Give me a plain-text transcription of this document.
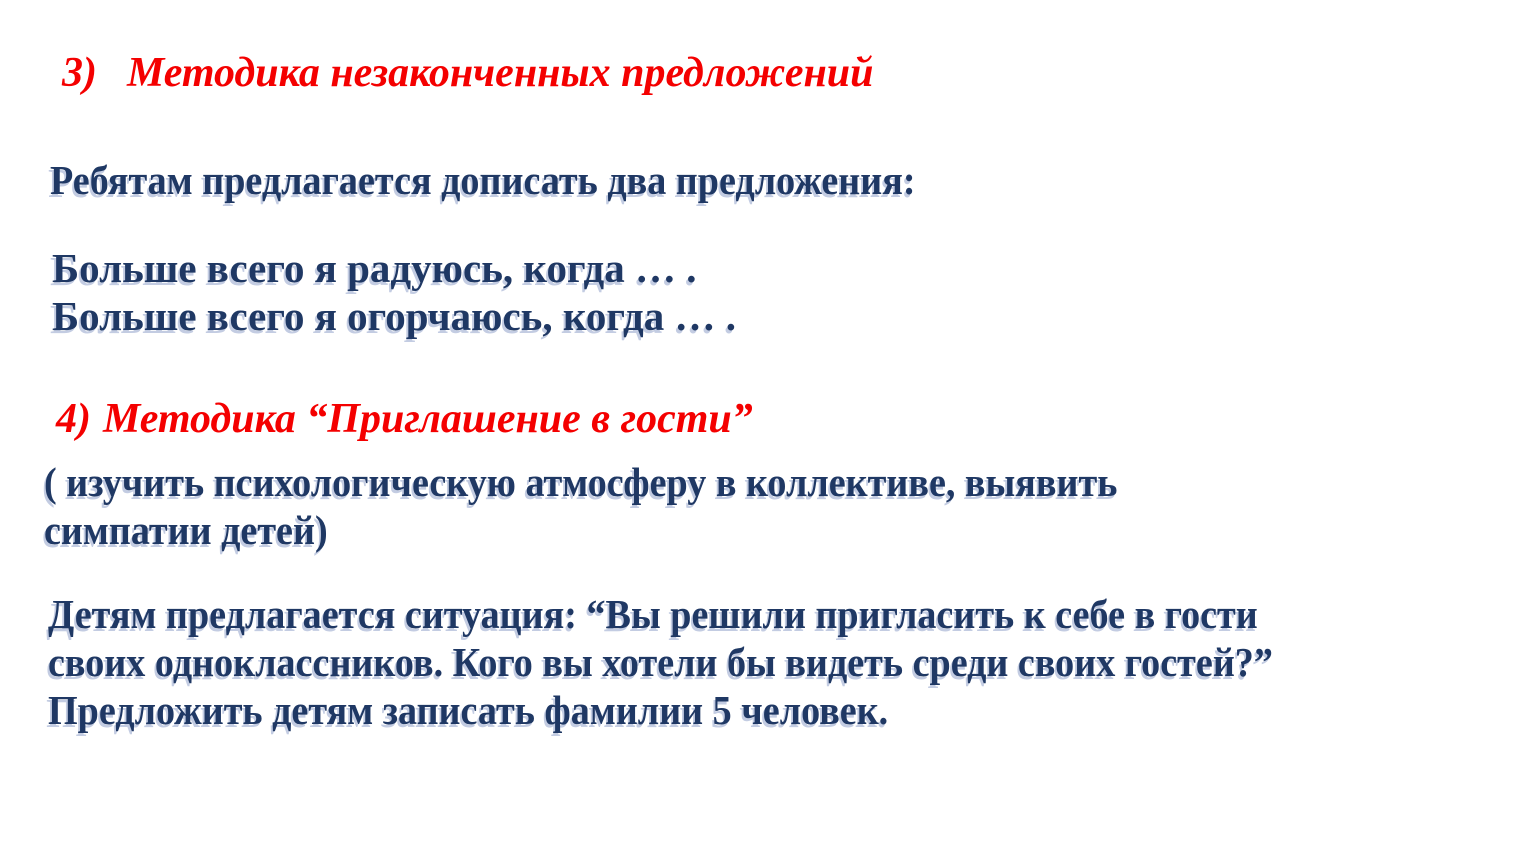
3) Методика незаконченных предложений
Ребятам предлагается дописать два предложения:
Больше всего я радуюсь, когда … .
Больше всего я огорчаюсь, когда … .
4) Методика “Приглашение в гости”
( изучить психологическую атмосферу в коллективе, выявить
симпатии детей)
Детям предлагается ситуация: “Вы решили пригласить к себе в гости
своих одноклассников. Кого вы хотели бы видеть среди своих гостей?”
Предложить детям записать фамилии 5 человек.
